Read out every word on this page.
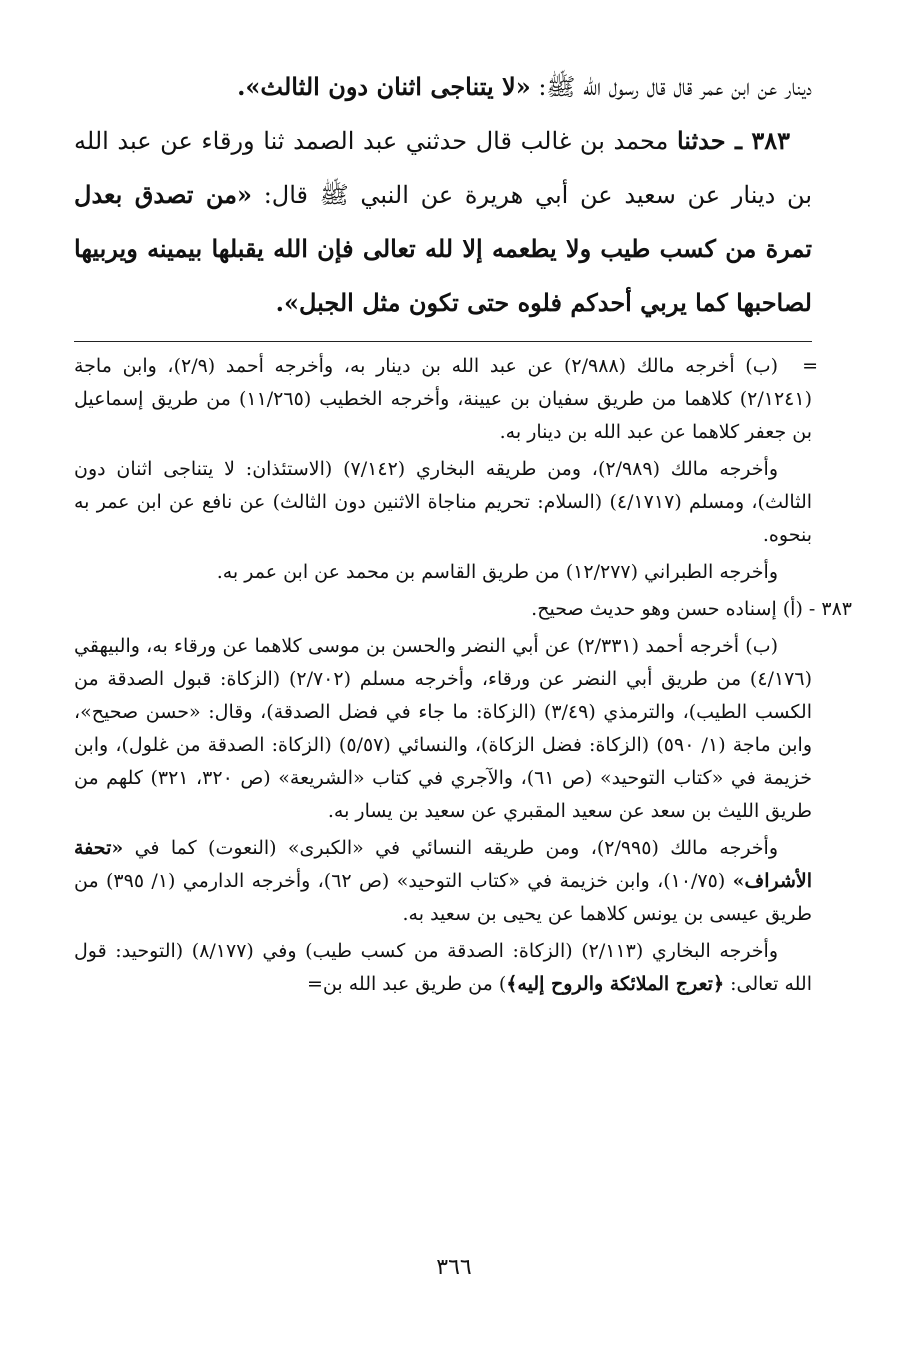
دينار عن ابن عمر قال قال رسول الله ﷺ: «لا يتناجى اثنان دون الثالث».

٣٨٣ ـ حدثنا محمد بن غالب قال حدثني عبد الصمد ثنا ورقاء عن عبد الله بن دينار عن سعيد عن أبي هريرة عن النبي ﷺ قال: «من تصدق بعدل تمرة من كسب طيب ولا يطعمه إلا لله تعالى فإن الله يقبلها بيمينه ويربيها لصاحبها كما يربي أحدكم فلوه حتى تكون مثل الجبل».

=
(ب) أخرجه مالك (٢/٩٨٨) عن عبد الله بن دينار به، وأخرجه أحمد (٢/٩)، وابن ماجة (٢/١٢٤١) كلاهما من طريق سفيان بن عيينة، وأخرجه الخطيب (١١/٢٦٥) من طريق إسماعيل بن جعفر كلاهما عن عبد الله بن دينار به.

وأخرجه مالك (٢/٩٨٩)، ومن طريقه البخاري (٧/١٤٢) (الاستئذان: لا يتناجى اثنان دون الثالث)، ومسلم (٤/١٧١٧) (السلام: تحريم مناجاة الاثنين دون الثالث) عن نافع عن ابن عمر به بنحوه.

وأخرجه الطبراني (١٢/٢٧٧) من طريق القاسم بن محمد عن ابن عمر به.

٣٨٣ - (أ) إسناده حسن وهو حديث صحيح.

(ب) أخرجه أحمد (٢/٣٣١) عن أبي النضر والحسن بن موسى كلاهما عن ورقاء به، والبيهقي (٤/١٧٦) من طريق أبي النضر عن ورقاء، وأخرجه مسلم (٢/٧٠٢) (الزكاة: قبول الصدقة من الكسب الطيب)، والترمذي (٣/٤٩) (الزكاة: ما جاء في فضل الصدقة)، وقال: «حسن صحيح»، وابن ماجة (١/ ٥٩٠) (الزكاة: فضل الزكاة)، والنسائي (٥/٥٧) (الزكاة: الصدقة من غلول)، وابن خزيمة في «كتاب التوحيد» (ص ٦١)، والآجري في كتاب «الشريعة» (ص ٣٢٠، ٣٢١) كلهم من طريق الليث بن سعد عن سعيد المقبري عن سعيد بن يسار به.

وأخرجه مالك (٢/٩٩٥)، ومن طريقه النسائي في «الكبرى» (النعوت) كما في «تحفة الأشراف» (١٠/٧٥)، وابن خزيمة في «كتاب التوحيد» (ص ٦٢)، وأخرجه الدارمي (١/ ٣٩٥) من طريق عيسى بن يونس كلاهما عن يحيى بن سعيد به.

وأخرجه البخاري (٢/١١٣) (الزكاة: الصدقة من كسب طيب) وفي (٨/١٧٧) (التوحيد: قول الله تعالى: ﴿تعرج الملائكة والروح إليه﴾) من طريق عبد الله بن=

٣٦٦
